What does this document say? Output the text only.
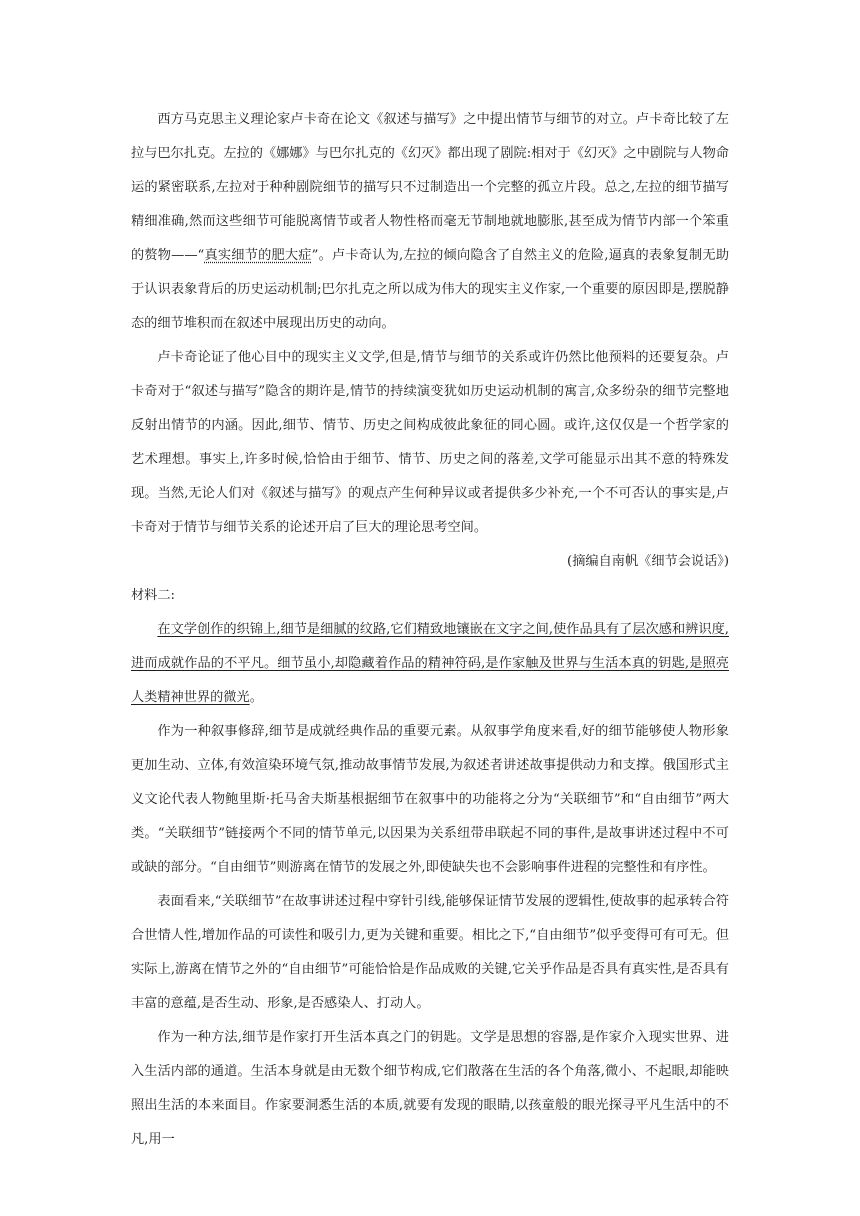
西方马克思主义理论家卢卡奇在论文《叙述与描写》之中提出情节与细节的对立。卢卡奇比较了左拉与巴尔扎克。左拉的《娜娜》与巴尔扎克的《幻灭》都出现了剧院:相对于《幻灭》之中剧院与人物命运的紧密联系,左拉对于种种剧院细节的描写只不过制造出一个完整的孤立片段。总之,左拉的细节描写精细准确,然而这些细节可能脱离情节或者人物性格而毫无节制地就地膨胀,甚至成为情节内部一个笨重的赘物——“真实细节的肥大症”。卢卡奇认为,左拉的倾向隐含了自然主义的危险,逼真的表象复制无助于认识表象背后的历史运动机制;巴尔扎克之所以成为伟大的现实主义作家,一个重要的原因即是,摆脱静态的细节堆积而在叙述中展现出历史的动向。

卢卡奇论证了他心目中的现实主义文学,但是,情节与细节的关系或许仍然比他预料的还要复杂。卢卡奇对于“叙述与描写”隐含的期许是,情节的持续演变犹如历史运动机制的寓言,众多纷杂的细节完整地反射出情节的内涵。因此,细节、情节、历史之间构成彼此象征的同心圆。或许,这仅仅是一个哲学家的艺术理想。事实上,许多时候,恰恰由于细节、情节、历史之间的落差,文学可能显示出其不意的特殊发现。当然,无论人们对《叙述与描写》的观点产生何种异议或者提供多少补充,一个不可否认的事实是,卢卡奇对于情节与细节关系的论述开启了巨大的理论思考空间。

(摘编自南帆《细节会说话》)

材料二:

在文学创作的织锦上,细节是细腻的纹路,它们精致地镶嵌在文字之间,使作品具有了层次感和辨识度,进而成就作品的不平凡。细节虽小,却隐藏着作品的精神符码,是作家触及世界与生活本真的钥匙,是照亮人类精神世界的微光。

作为一种叙事修辞,细节是成就经典作品的重要元素。从叙事学角度来看,好的细节能够使人物形象更加生动、立体,有效渲染环境气氛,推动故事情节发展,为叙述者讲述故事提供动力和支撑。俄国形式主义文论代表人物鲍里斯·托马舍夫斯基根据细节在叙事中的功能将之分为“关联细节”和“自由细节”两大类。“关联细节”链接两个不同的情节单元,以因果为关系纽带串联起不同的事件,是故事讲述过程中不可或缺的部分。“自由细节”则游离在情节的发展之外,即使缺失也不会影响事件进程的完整性和有序性。

表面看来,“关联细节”在故事讲述过程中穿针引线,能够保证情节发展的逻辑性,使故事的起承转合符合世情人性,增加作品的可读性和吸引力,更为关键和重要。相比之下,“自由细节”似乎变得可有可无。但实际上,游离在情节之外的“自由细节”可能恰恰是作品成败的关键,它关乎作品是否具有真实性,是否具有丰富的意蕴,是否生动、形象,是否感染人、打动人。

作为一种方法,细节是作家打开生活本真之门的钥匙。文学是思想的容器,是作家介入现实世界、进入生活内部的通道。生活本身就是由无数个细节构成,它们散落在生活的各个角落,微小、不起眼,却能映照出生活的本来面目。作家要洞悉生活的本质,就要有发现的眼睛,以孩童般的眼光探寻平凡生活中的不凡,用一
